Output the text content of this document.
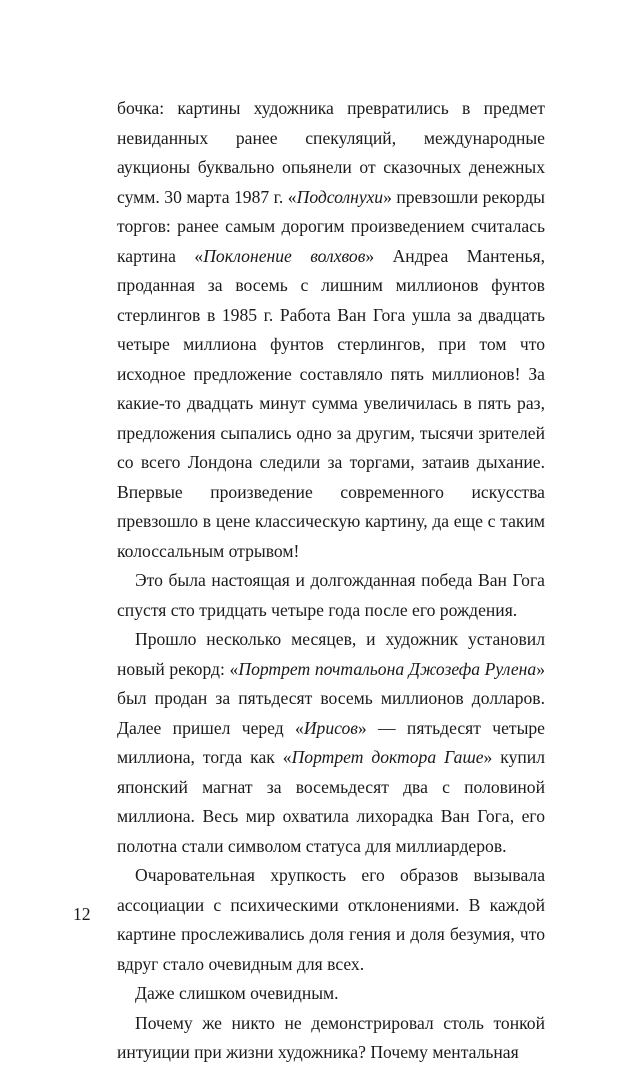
бочка: картины художника превратились в предмет невиданных ранее спекуляций, международные аукционы буквально опьянели от сказочных денежных сумм. 30 марта 1987 г. «Подсолнухи» превзошли рекорды торгов: ранее самым дорогим произведением считалась картина «Поклонение волхвов» Андреа Мантенья, проданная за восемь с лишним миллионов фунтов стерлингов в 1985 г. Работа Ван Гога ушла за двадцать четыре миллиона фунтов стерлингов, при том что исходное предложение составляло пять миллионов! За какие-то двадцать минут сумма увеличилась в пять раз, предложения сыпались одно за другим, тысячи зрителей со всего Лондона следили за торгами, затаив дыхание. Впервые произведение современного искусства превзошло в цене классическую картину, да еще с таким колоссальным отрывом!

Это была настоящая и долгожданная победа Ван Гога спустя сто тридцать четыре года после его рождения.

Прошло несколько месяцев, и художник установил новый рекорд: «Портрет почтальона Джозефа Рулена» был продан за пятьдесят восемь миллионов долларов. Далее пришел черед «Ирисов» — пятьдесят четыре миллиона, тогда как «Портрет доктора Гаше» купил японский магнат за восемьдесят два с половиной миллиона. Весь мир охватила лихорадка Ван Гога, его полотна стали символом статуса для миллиардеров.

Очаровательная хрупкость его образов вызывала ассоциации с психическими отклонениями. В каждой картине прослеживались доля гения и доля безумия, что вдруг стало очевидным для всех.

Даже слишком очевидным.

Почему же никто не демонстрировал столь тонкой интуиции при жизни художника? Почему ментальная

12
